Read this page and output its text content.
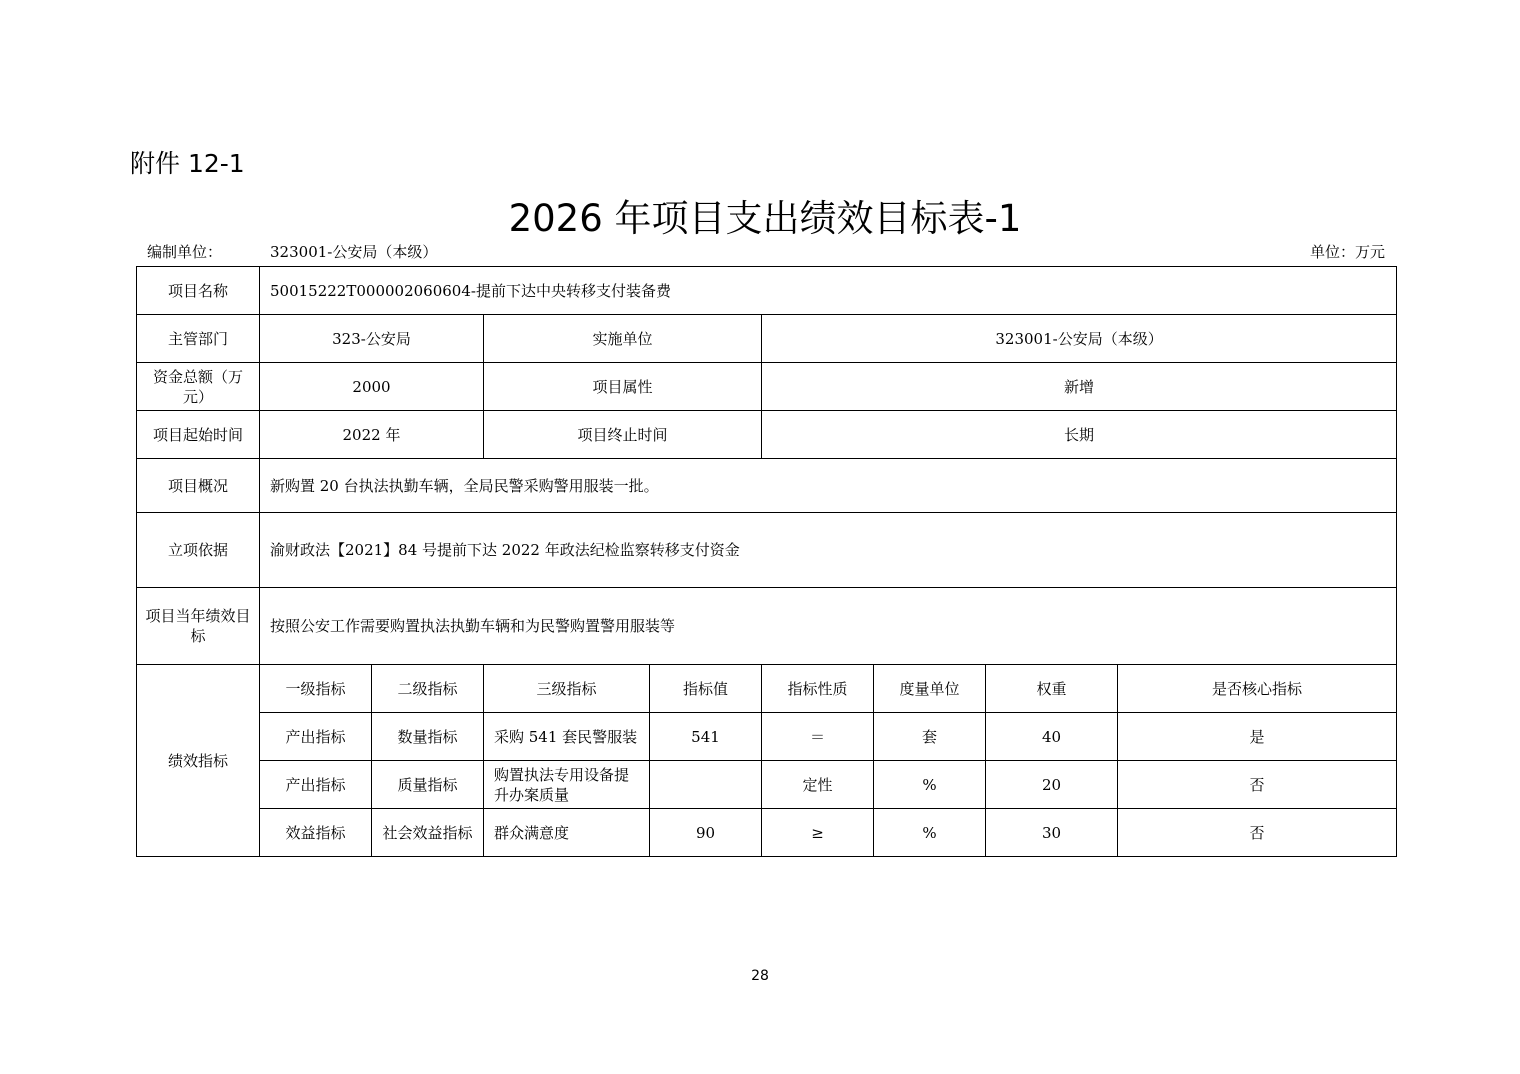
附件 12-1
2026 年项目支出绩效目标表-1
编制单位：	323001-公安局（本级）	单位：万元
项目名称	50015222T000002060604-提前下达中央转移支付装备费							
主管部门	323-公安局		实施单位		323001-公安局（本级）			
资金总额（万元）	2000		项目属性		新增			
项目起始时间	2022 年		项目终止时间		长期			
项目概况	新购置 20 台执法执勤车辆，全局民警采购警用服装一批。							
立项依据	渝财政法【2021】84 号提前下达 2022 年政法纪检监察转移支付资金							
项目当年绩效目标	按照公安工作需要购置执法执勤车辆和为民警购置警用服装等							
绩效指标	一级指标	二级指标	三级指标	指标值	指标性质	度量单位	权重	是否核心指标
	产出指标	数量指标	采购 541 套民警服装	541	＝	套	40	是
	产出指标	质量指标	购置执法专用设备提升办案质量		定性	%	20	否
	效益指标	社会效益指标	群众满意度	90	≥	%	30	否
28
